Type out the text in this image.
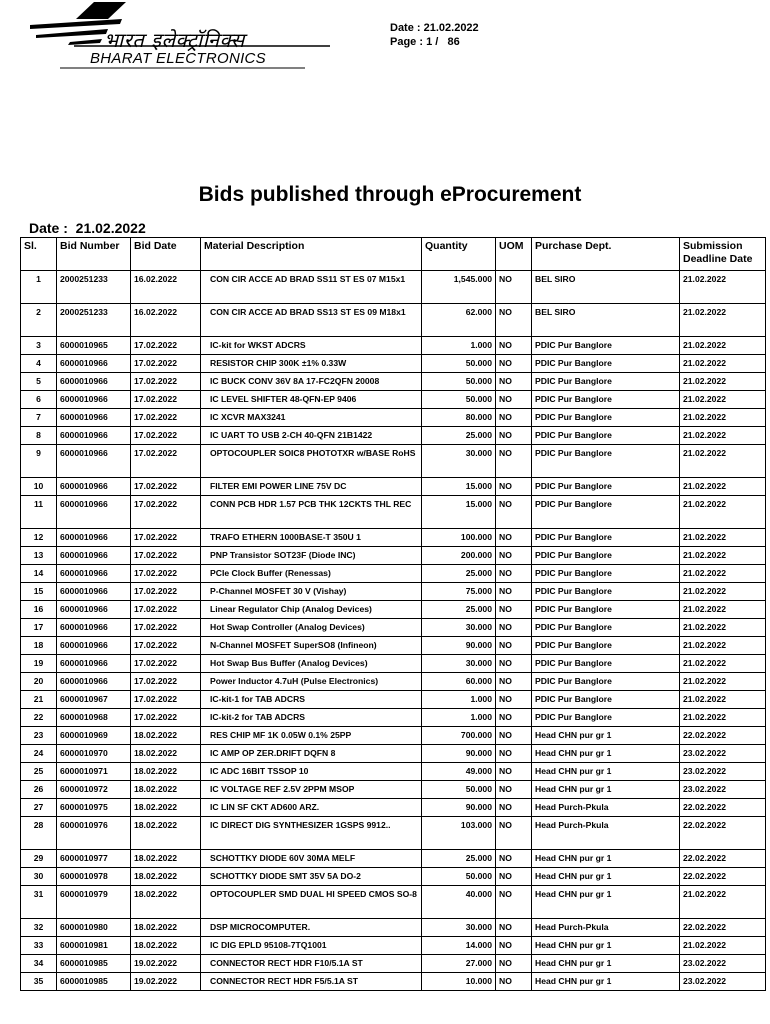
भारत इलेक्ट्रॉनिक्स
BHARAT ELECTRONICS
Date : 21.02.2022
Page : 1 /   86
Bids published through eProcurement
Date :  21.02.2022
Sl.	Bid Number	Bid Date	Material Description	Quantity	UOM	Purchase Dept.	Submission Deadline Date
1	2000251233	16.02.2022	CON CIR ACCE AD BRAD SS11 ST ES 07 M15x1	1,545.000	NO	BEL SIRO	21.02.2022
2	2000251233	16.02.2022	CON CIR ACCE AD BRAD SS13 ST ES 09 M18x1	62.000	NO	BEL SIRO	21.02.2022
3	6000010965	17.02.2022	IC-kit for WKST ADCRS	1.000	NO	PDIC Pur Banglore	21.02.2022
4	6000010966	17.02.2022	RESISTOR CHIP 300K ±1% 0.33W	50.000	NO	PDIC Pur Banglore	21.02.2022
5	6000010966	17.02.2022	IC BUCK CONV 36V 8A 17-FC2QFN 20008	50.000	NO	PDIC Pur Banglore	21.02.2022
6	6000010966	17.02.2022	IC LEVEL SHIFTER 48-QFN-EP 9406	50.000	NO	PDIC Pur Banglore	21.02.2022
7	6000010966	17.02.2022	IC XCVR MAX3241	80.000	NO	PDIC Pur Banglore	21.02.2022
8	6000010966	17.02.2022	IC UART TO USB 2-CH 40-QFN 21B1422	25.000	NO	PDIC Pur Banglore	21.02.2022
9	6000010966	17.02.2022	OPTOCOUPLER SOIC8 PHOTOTXR w/BASE RoHS	30.000	NO	PDIC Pur Banglore	21.02.2022
10	6000010966	17.02.2022	FILTER EMI POWER LINE 75V DC	15.000	NO	PDIC Pur Banglore	21.02.2022
11	6000010966	17.02.2022	CONN PCB HDR 1.57 PCB THK 12CKTS THL REC	15.000	NO	PDIC Pur Banglore	21.02.2022
12	6000010966	17.02.2022	TRAFO ETHERN 1000BASE-T 350U 1	100.000	NO	PDIC Pur Banglore	21.02.2022
13	6000010966	17.02.2022	PNP Transistor SOT23F (Diode INC)	200.000	NO	PDIC Pur Banglore	21.02.2022
14	6000010966	17.02.2022	PCIe Clock Buffer (Renessas)	25.000	NO	PDIC Pur Banglore	21.02.2022
15	6000010966	17.02.2022	P-Channel MOSFET 30 V (Vishay)	75.000	NO	PDIC Pur Banglore	21.02.2022
16	6000010966	17.02.2022	Linear Regulator Chip (Analog Devices)	25.000	NO	PDIC Pur Banglore	21.02.2022
17	6000010966	17.02.2022	Hot Swap Controller (Analog Devices)	30.000	NO	PDIC Pur Banglore	21.02.2022
18	6000010966	17.02.2022	N-Channel MOSFET SuperSO8 (Infineon)	90.000	NO	PDIC Pur Banglore	21.02.2022
19	6000010966	17.02.2022	Hot Swap Bus Buffer (Analog Devices)	30.000	NO	PDIC Pur Banglore	21.02.2022
20	6000010966	17.02.2022	Power Inductor 4.7uH (Pulse Electronics)	60.000	NO	PDIC Pur Banglore	21.02.2022
21	6000010967	17.02.2022	IC-kit-1 for TAB ADCRS	1.000	NO	PDIC Pur Banglore	21.02.2022
22	6000010968	17.02.2022	IC-kit-2 for TAB ADCRS	1.000	NO	PDIC Pur Banglore	21.02.2022
23	6000010969	18.02.2022	RES CHIP MF 1K 0.05W 0.1% 25PP	700.000	NO	Head CHN pur gr 1	22.02.2022
24	6000010970	18.02.2022	IC AMP OP ZER.DRIFT DQFN 8	90.000	NO	Head CHN pur gr 1	23.02.2022
25	6000010971	18.02.2022	IC ADC 16BIT TSSOP 10	49.000	NO	Head CHN pur gr 1	23.02.2022
26	6000010972	18.02.2022	IC VOLTAGE REF 2.5V 2PPM MSOP	50.000	NO	Head CHN pur gr 1	23.02.2022
27	6000010975	18.02.2022	IC LIN SF CKT AD600 ARZ.	90.000	NO	Head Purch-Pkula	22.02.2022
28	6000010976	18.02.2022	IC DIRECT DIG SYNTHESIZER 1GSPS 9912..	103.000	NO	Head Purch-Pkula	22.02.2022
29	6000010977	18.02.2022	SCHOTTKY DIODE 60V 30MA MELF	25.000	NO	Head CHN pur gr 1	22.02.2022
30	6000010978	18.02.2022	SCHOTTKY DIODE SMT 35V 5A DO-2	50.000	NO	Head CHN pur gr 1	22.02.2022
31	6000010979	18.02.2022	OPTOCOUPLER SMD DUAL HI SPEED CMOS SO-8	40.000	NO	Head CHN pur gr 1	21.02.2022
32	6000010980	18.02.2022	DSP MICROCOMPUTER.	30.000	NO	Head Purch-Pkula	22.02.2022
33	6000010981	18.02.2022	IC DIG EPLD 95108-7TQ1001	14.000	NO	Head CHN pur gr 1	21.02.2022
34	6000010985	19.02.2022	CONNECTOR RECT HDR F10/5.1A ST	27.000	NO	Head CHN pur gr 1	23.02.2022
35	6000010985	19.02.2022	CONNECTOR RECT HDR F5/5.1A ST	10.000	NO	Head CHN pur gr 1	23.02.2022
